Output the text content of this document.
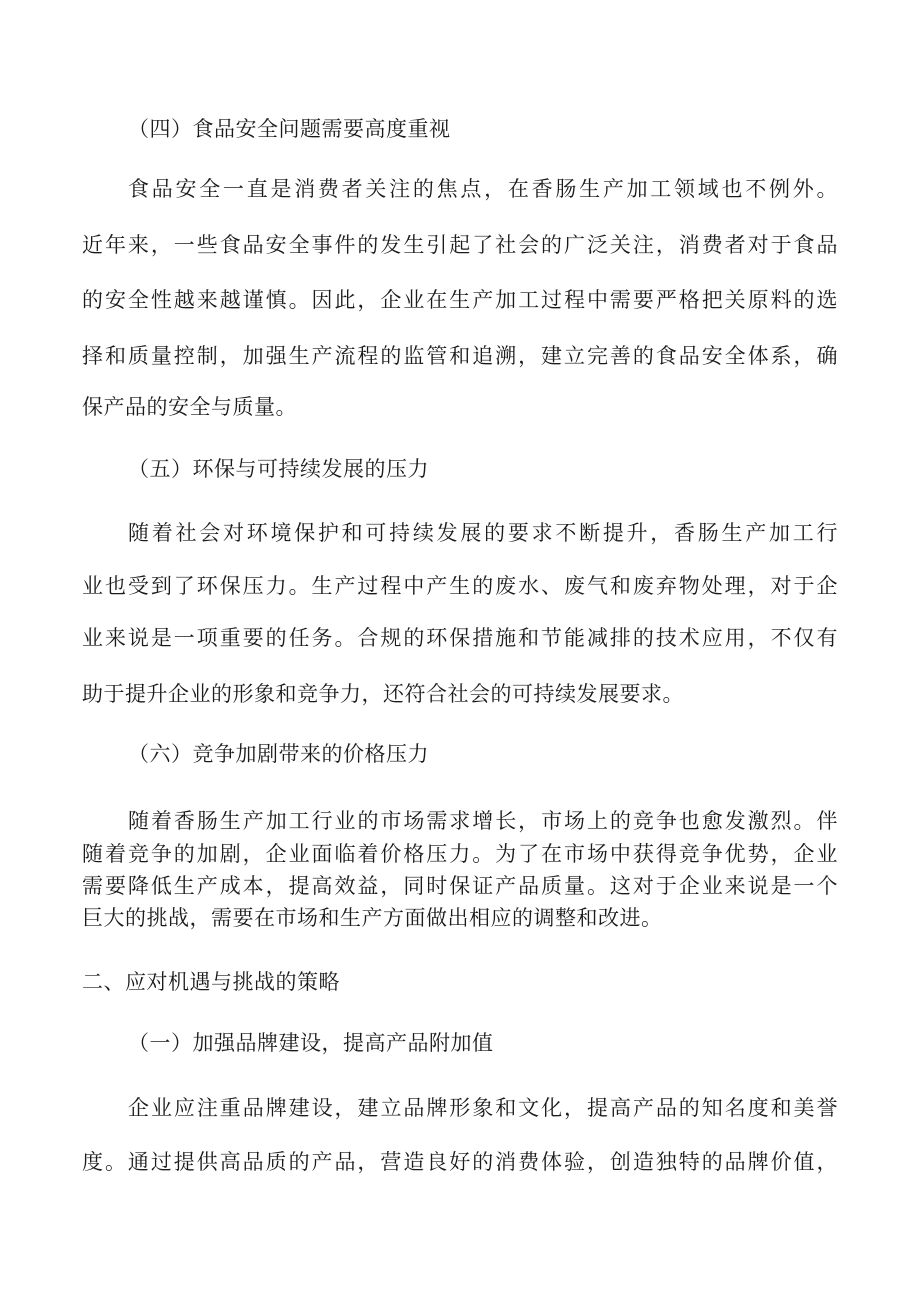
（四）食品安全问题需要高度重视
食品安全一直是消费者关注的焦点，在香肠生产加工领域也不例外。
近年来，一些食品安全事件的发生引起了社会的广泛关注，消费者对于食品
的安全性越来越谨慎。因此，企业在生产加工过程中需要严格把关原料的选
择和质量控制，加强生产流程的监管和追溯，建立完善的食品安全体系，确
保产品的安全与质量。
（五）环保与可持续发展的压力
随着社会对环境保护和可持续发展的要求不断提升，香肠生产加工行
业也受到了环保压力。生产过程中产生的废水、废气和废弃物处理，对于企
业来说是一项重要的任务。合规的环保措施和节能减排的技术应用，不仅有
助于提升企业的形象和竞争力，还符合社会的可持续发展要求。
（六）竞争加剧带来的价格压力
随着香肠生产加工行业的市场需求增长，市场上的竞争也愈发激烈。伴
随着竞争的加剧，企业面临着价格压力。为了在市场中获得竞争优势，企业
需要降低生产成本，提高效益，同时保证产品质量。这对于企业来说是一个
巨大的挑战，需要在市场和生产方面做出相应的调整和改进。
二、应对机遇与挑战的策略
（一）加强品牌建设，提高产品附加值
企业应注重品牌建设，建立品牌形象和文化，提高产品的知名度和美誉
度。通过提供高品质的产品，营造良好的消费体验，创造独特的品牌价值，
